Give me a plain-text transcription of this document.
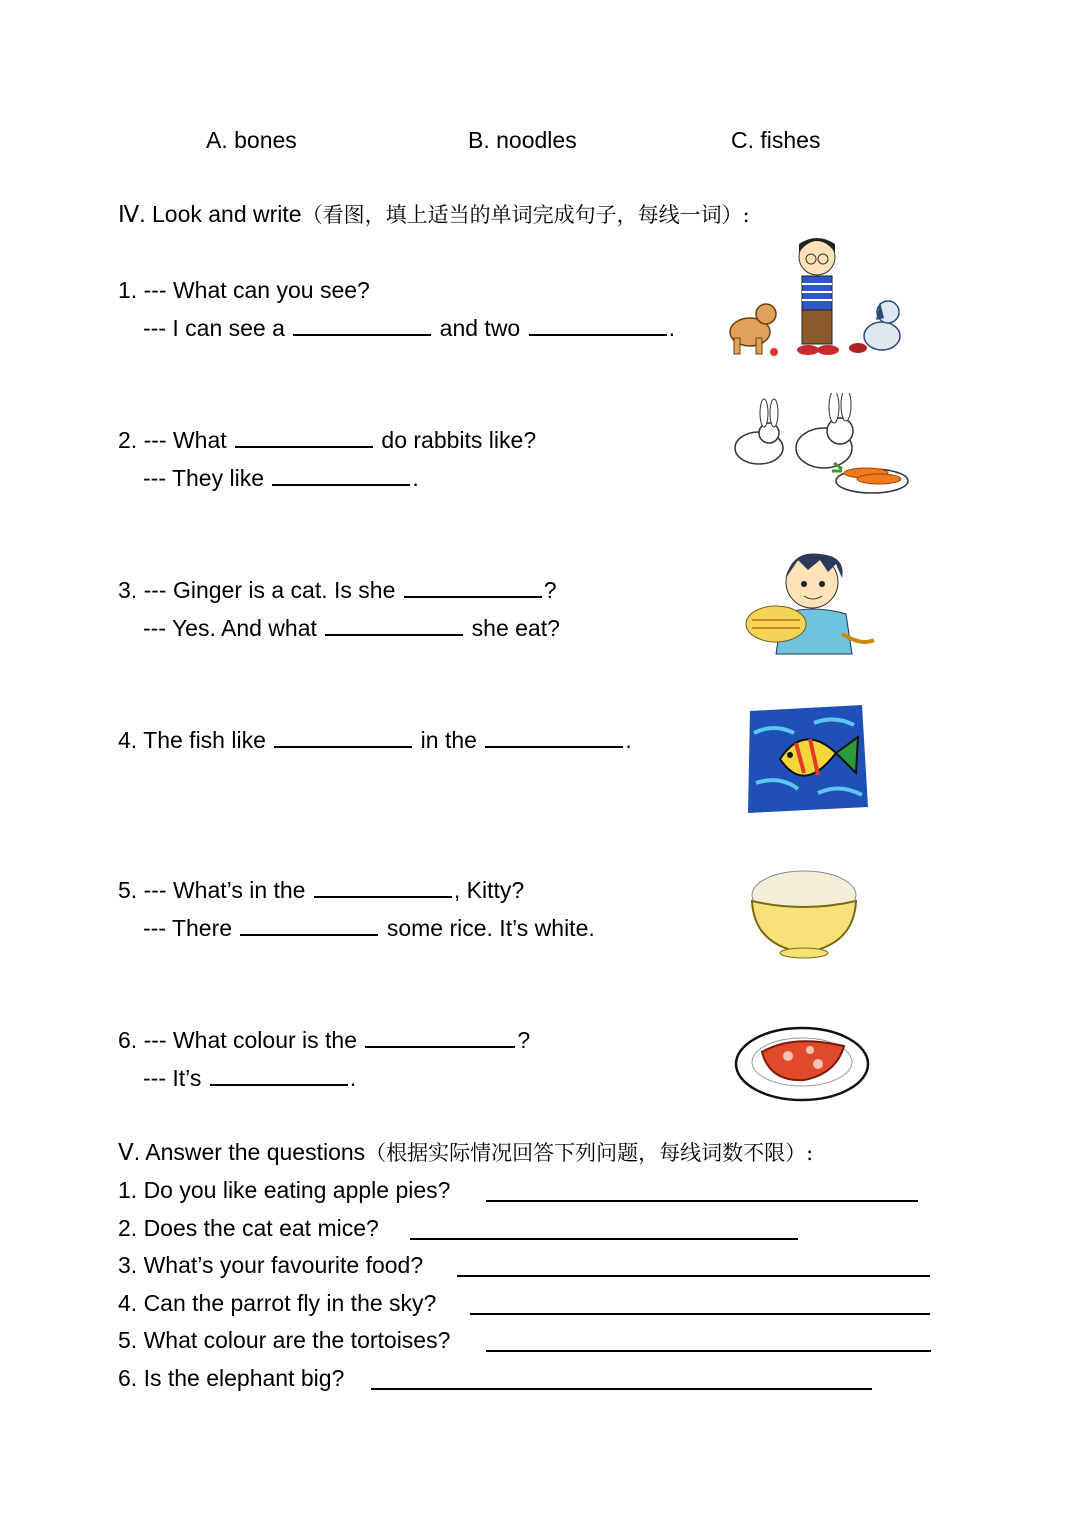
A. bones	B. noodles	C. fishes
Ⅳ. Look and write（看图，填上适当的单词完成句子，每线一词）:
1. --- What can you see?
--- I can see a	and two	.
2. --- What	do rabbits like?
--- They like	.
3. --- Ginger is a cat. Is she	?
--- Yes. And what	she eat?
4. The fish like	in the	.
5. --- What’s in the	, Kitty?
--- There	some rice. It’s white.
6. --- What colour is the	?
--- It’s	.
Ⅴ. Answer the questions（根据实际情况回答下列问题，每线词数不限）:
1. Do you like eating apple pies?
2. Does the cat eat mice?
3. What’s your favourite food?
4. Can the parrot fly in the sky?
5. What colour are the tortoises?
6. Is the elephant big?
